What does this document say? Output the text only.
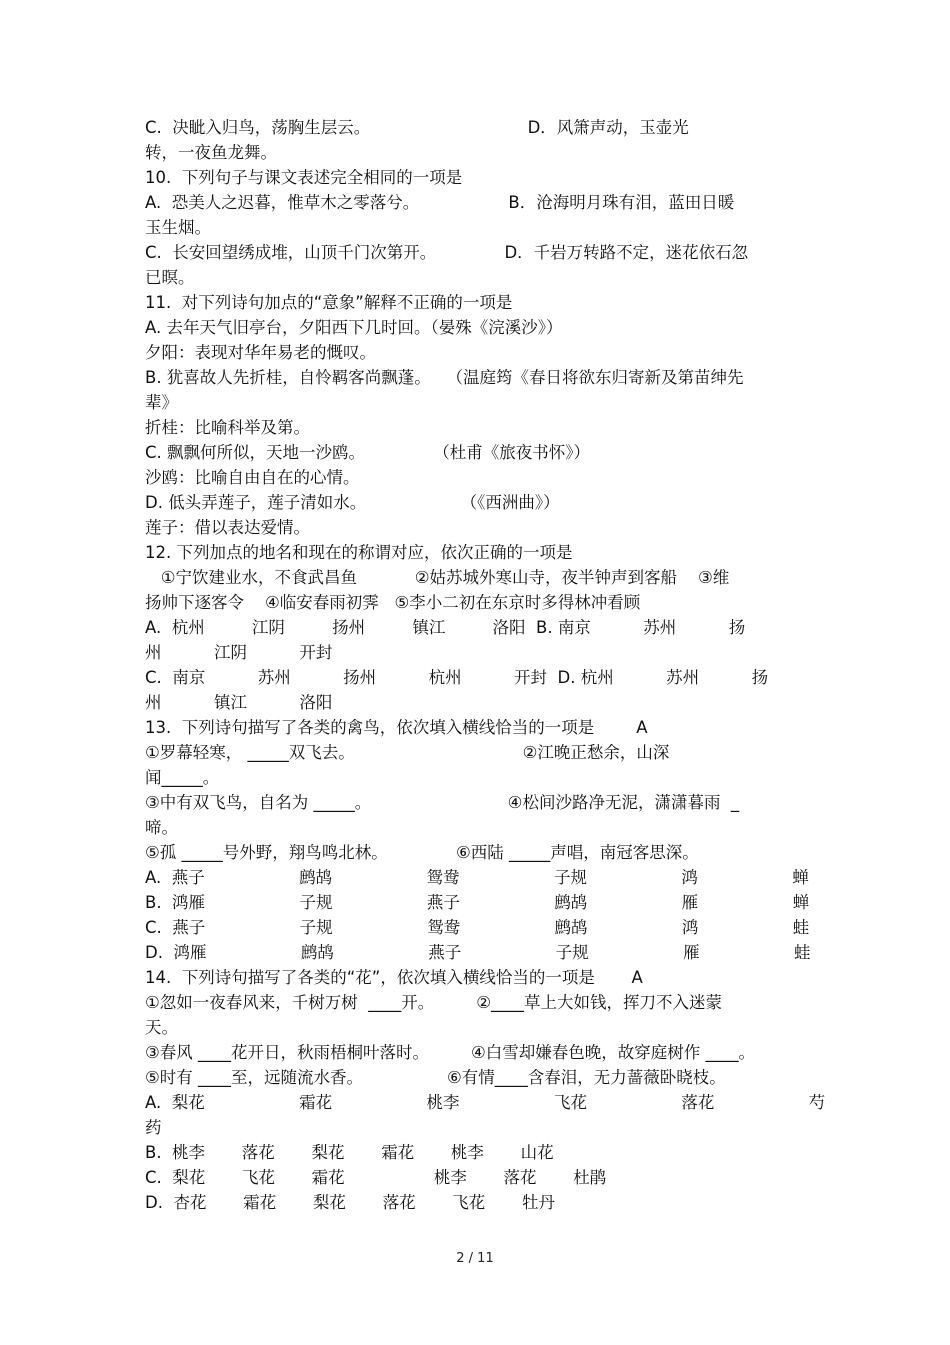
C.  决眦入归鸟，荡胸生层云。                              D．风箫声动，玉壶光

转，一夜鱼龙舞。

10.  下列句子与课文表述完全相同的一项是

A.  恐美人之迟暮，惟草木之零落兮。                 B．沧海明月珠有泪，蓝田日暖

玉生烟。

C.  长安回望绣成堆，山顶千门次第开。             D．千岩万转路不定，迷花依石忽

已暝。

11.  对下列诗句加点的“意象”解释不正确的一项是

A. 去年天气旧亭台，夕阳西下几时回。（晏殊《浣溪沙》）

夕阳：表现对华年易老的慨叹。

B. 犹喜故人先折桂，自怜羁客尚飘蓬。   （温庭筠《春日将欲东归寄新及第苗绅先

辈》

折桂：比喻科举及第。

C. 飘飘何所似，天地一沙鸥。             （杜甫《旅夜书怀》）

沙鸥：比喻自由自在的心情。

D. 低头弄莲子，莲子清如水。                  （《西洲曲》）

莲子：借以表达爱情。

12. 下列加点的地名和现在的称谓对应，依次正确的一项是

①宁饮建业水，不食武昌鱼           ②姑苏城外寒山寺，夜半钟声到客船    ③维

扬帅下逐客令    ④临安春雨初霁   ⑤李小二初在东京时多得林冲看顾

A.  杭州         江阴         扬州         镇江         洛阳  B. 南京          苏州          扬

州          江阴          开封

C.  南京          苏州          扬州          杭州          开封  D. 杭州          苏州          扬

州          镇江          洛阳

13.  下列诗句描写了各类的禽鸟，依次填入横线恰当的一项是        A

①罗幕轻寒， _____双飞去。                                ②江晚正愁余，山深

闻_____。

③中有双飞鸟，自名为 _____。                          ④松间沙路净无泥，潇潇暮雨  _

啼。

⑤孤 _____号外野，翔鸟鸣北林。             ⑥西陆 _____声唱，南冠客思深。

A.  燕子                  鹧鸪                  鸳鸯                  子规                  鸿                  蝉

B.  鸿雁                  子规                  燕子                  鹧鸪                  雁                  蝉

C.  燕子                  子规                  鸳鸯                  鹧鸪                  鸿                  蛙

D.  鸿雁                  鹧鸪                  燕子                  子规                  雁                  蛙

14.  下列诗句描写了各类的“花”，依次填入横线恰当的一项是       A

①忽如一夜春风来，千树万树  ____开。        ②____草上大如钱，挥刀不入迷蒙

天。

③春风 ____花开日，秋雨梧桐叶落时。        ④白雪却嫌春色晚，故穿庭树作 ____。

⑤时有 ____至，远随流水香。                ⑥有情____含春泪，无力蔷薇卧晓枝。

A.  梨花                  霜花                  桃李                  飞花                  落花                  芍

药

B.  桃李       落花       梨花       霜花       桃李       山花

C.  梨花       飞花       霜花                 桃李       落花       杜鹃

D.  杏花       霜花       梨花       落花       飞花       牡丹

2 / 11
